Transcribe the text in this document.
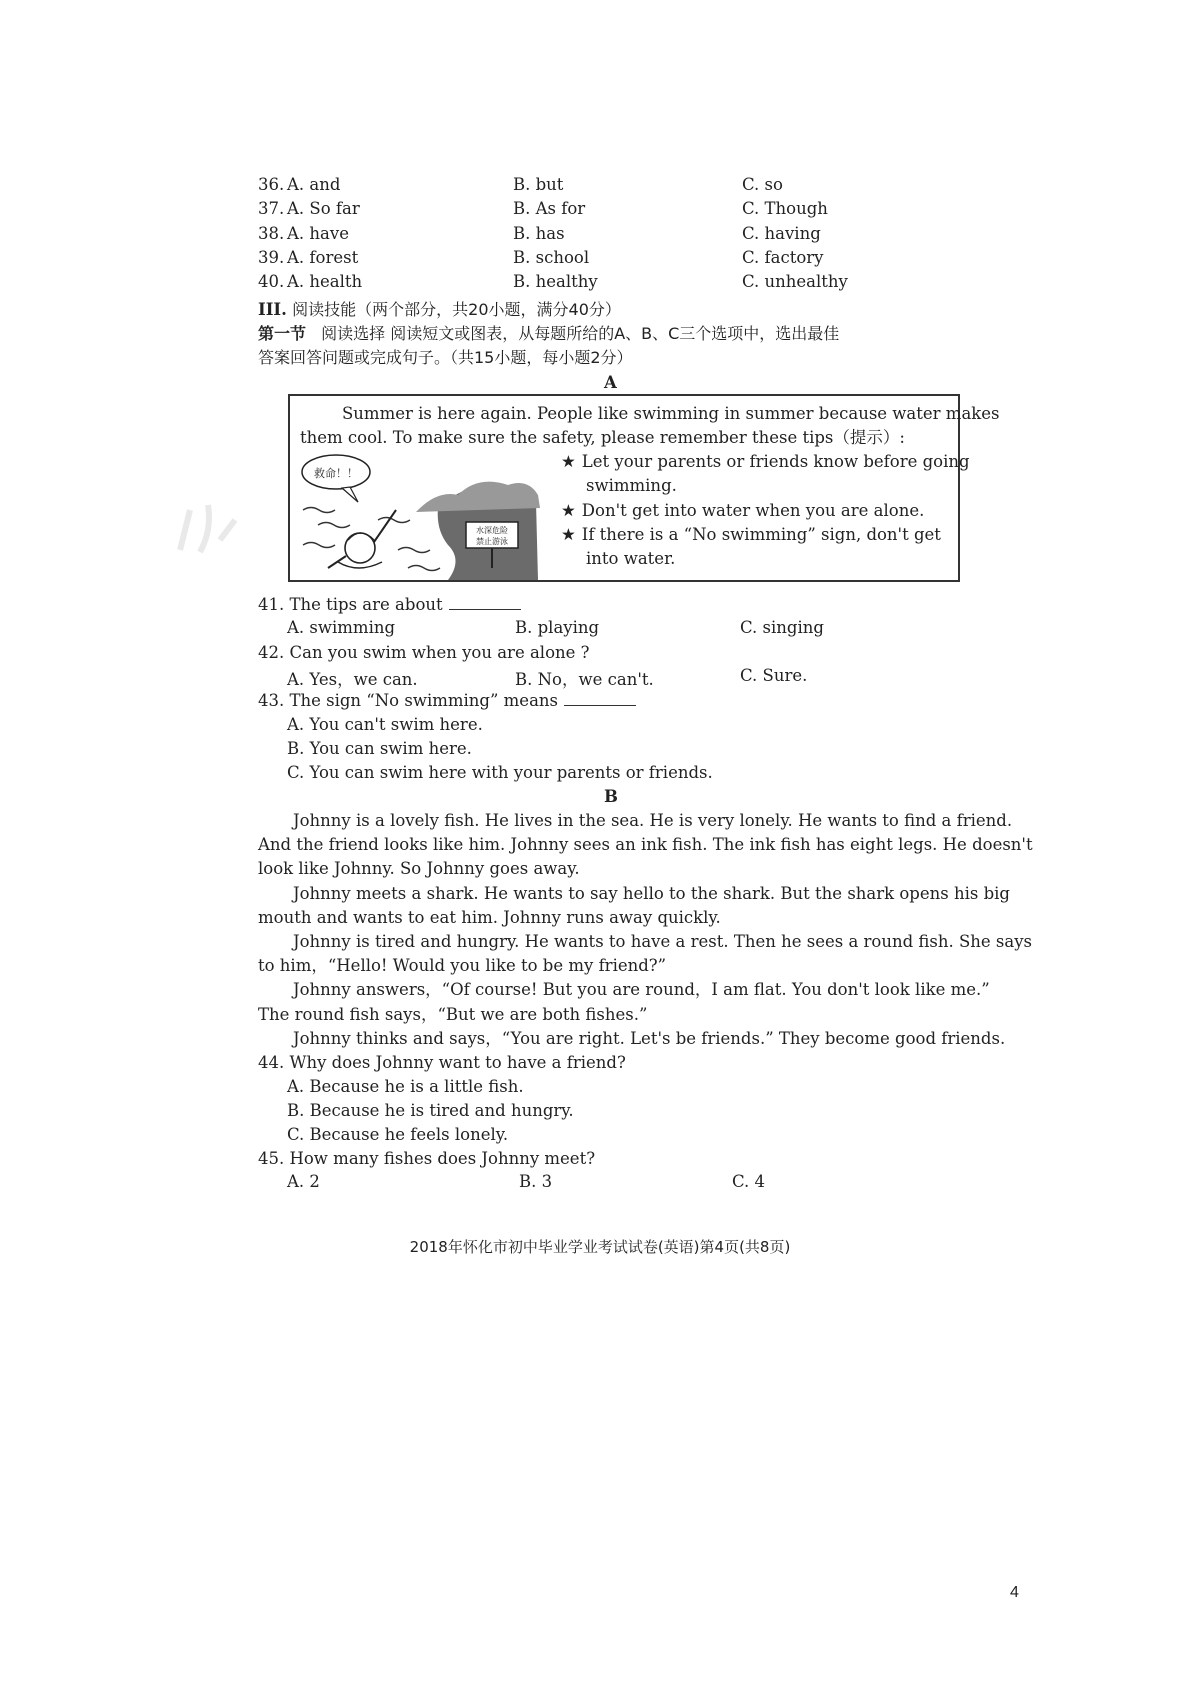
36. A. and	B. but	C. so
37. A. So far	B. As for	C. Though
38. A. have	B. has	C. having
39. A. forest	B. school	C. factory
40. A. health	B. healthy	C. unhealthy
III. 阅读技能（两个部分，共20小题，满分40分）
第一节 阅读选择 阅读短文或图表，从每题所给的A、B、C三个选项中，选出最佳
答案回答问题或完成句子。（共15小题，每小题2分）
A
Summer is here again. People like swimming in summer because water makes
them cool. To make sure the safety, please remember these tips（提示）:
★ Let your parents or friends know before going
swimming.
★ Don't get into water when you are alone.
★ If there is a “No swimming” sign, don't get
into water.
水深危险
禁止游泳
救命！！
41. The tips are about
A. swimming	B. playing	C. singing
42. Can you swim when you are alone ?
A. Yes，we can.	B. No，we can't.	C. Sure.
43. The sign “No swimming” means
A. You can't swim here.
B. You can swim here.
C. You can swim here with your parents or friends.
B
Johnny is a lovely fish. He lives in the sea. He is very lonely. He wants to find a friend.
And the friend looks like him. Johnny sees an ink fish. The ink fish has eight legs. He doesn't
look like Johnny. So Johnny goes away.
Johnny meets a shark. He wants to say hello to the shark. But the shark opens his big
mouth and wants to eat him. Johnny runs away quickly.
Johnny is tired and hungry. He wants to have a rest. Then he sees a round fish. She says
to him，“Hello! Would you like to be my friend?”
Johnny answers，“Of course! But you are round，I am flat. You don't look like me.”
The round fish says，“But we are both fishes.”
Johnny thinks and says，“You are right. Let's be friends.” They become good friends.
44. Why does Johnny want to have a friend?
A. Because he is a little fish.
B. Because he is tired and hungry.
C. Because he feels lonely.
45. How many fishes does Johnny meet?
A. 2	B. 3	C. 4
2018年怀化市初中毕业学业考试试卷(英语)第4页(共8页)
4
